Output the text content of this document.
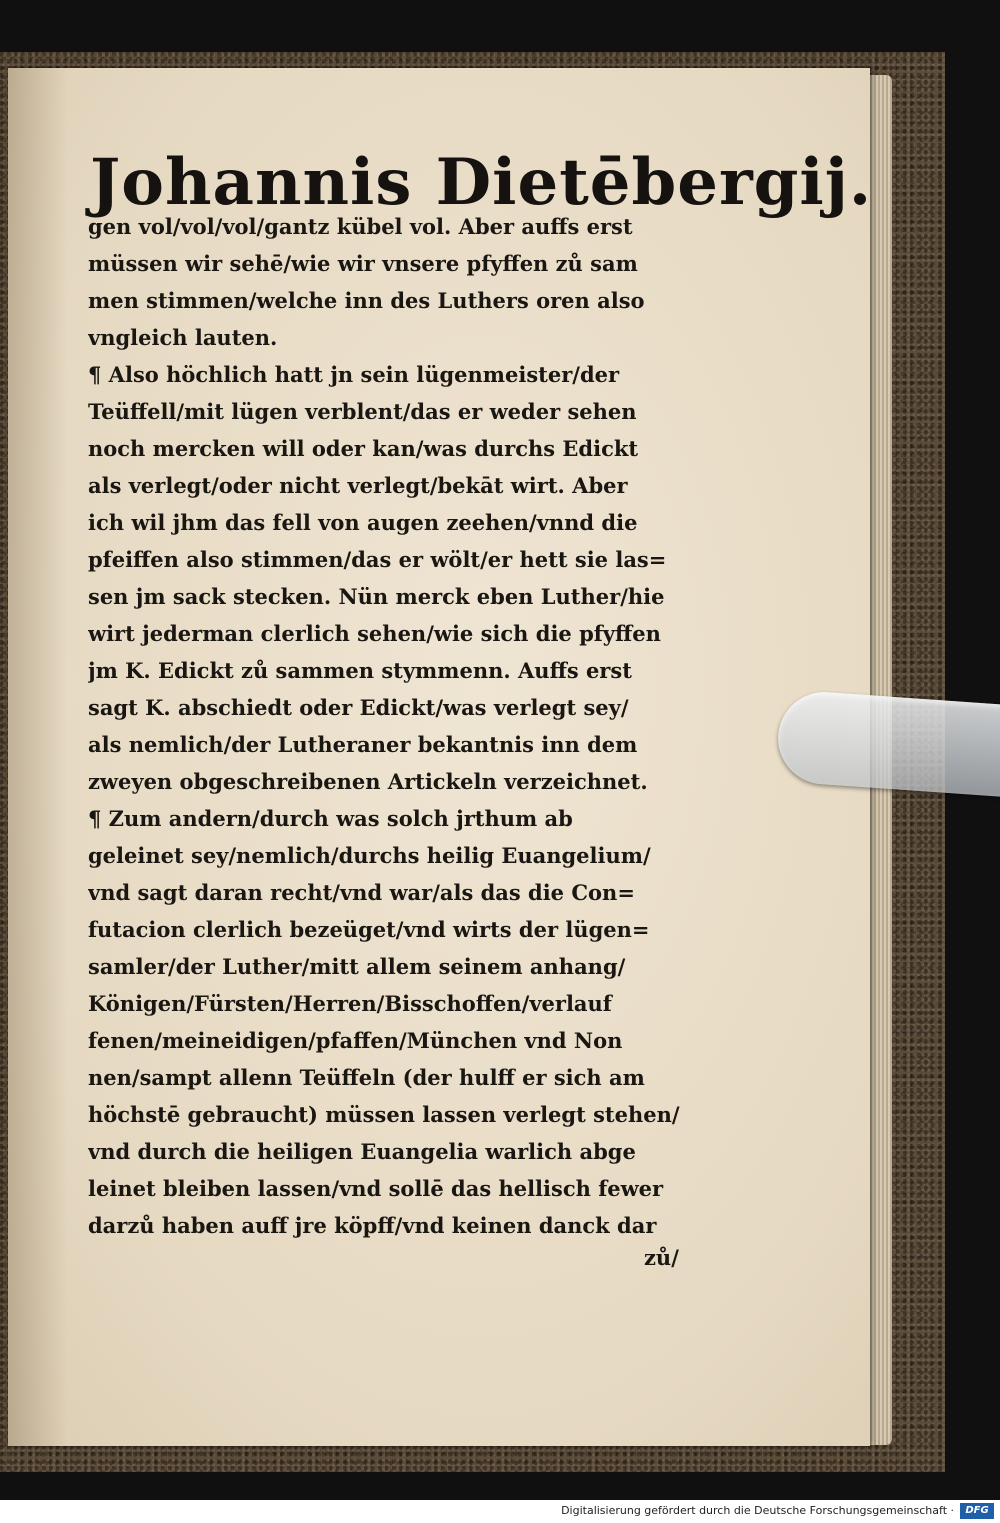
Johannis Dietēbergij.
gen vol/vol/vol/gantz kübel vol. Aber auffs erst
müssen wir sehē/wie wir vnsere pfyffen zů sam
men stimmen/welche inn des Luthers oren also
vngleich lauten.
¶ Also höchlich hatt jn sein lügenmeister/der
Teüffell/mit lügen verblent/das er weder sehen
noch mercken will oder kan/was durchs Edickt
als verlegt/oder nicht verlegt/bekāt wirt. Aber
ich wil jhm das fell von augen zeehen/vnnd die
pfeiffen also stimmen/das er wölt/er hett sie las=
sen jm sack stecken. Nün merck eben Luther/hie
wirt jederman clerlich sehen/wie sich die pfyffen
jm K. Edickt zů sammen stymmenn. Auffs erst
sagt K. abschiedt oder Edickt/was verlegt sey/
als nemlich/der Lutheraner bekantnis inn dem
zweyen obgeschreibenen Artickeln verzeichnet.
¶ Zum andern/durch was solch jrthum ab
geleinet sey/nemlich/durchs heilig Euangelium/
vnd sagt daran recht/vnd war/als das die Con=
futacion clerlich bezeüget/vnd wirts der lügen=
samler/der Luther/mitt allem seinem anhang/
Königen/Fürsten/Herren/Bisschoffen/verlauf
fenen/meineidigen/pfaffen/München vnd Non
nen/sampt allenn Teüffeln (der hulff er sich am
höchstē gebraucht) müssen lassen verlegt stehen/
vnd durch die heiligen Euangelia warlich abge
leinet bleiben lassen/vnd sollē das hellisch fewer
darzů haben auff jre köpff/vnd keinen danck dar
zů/
Digitalisierung gefördert durch die Deutsche Forschungsgemeinschaft ·	DFG
